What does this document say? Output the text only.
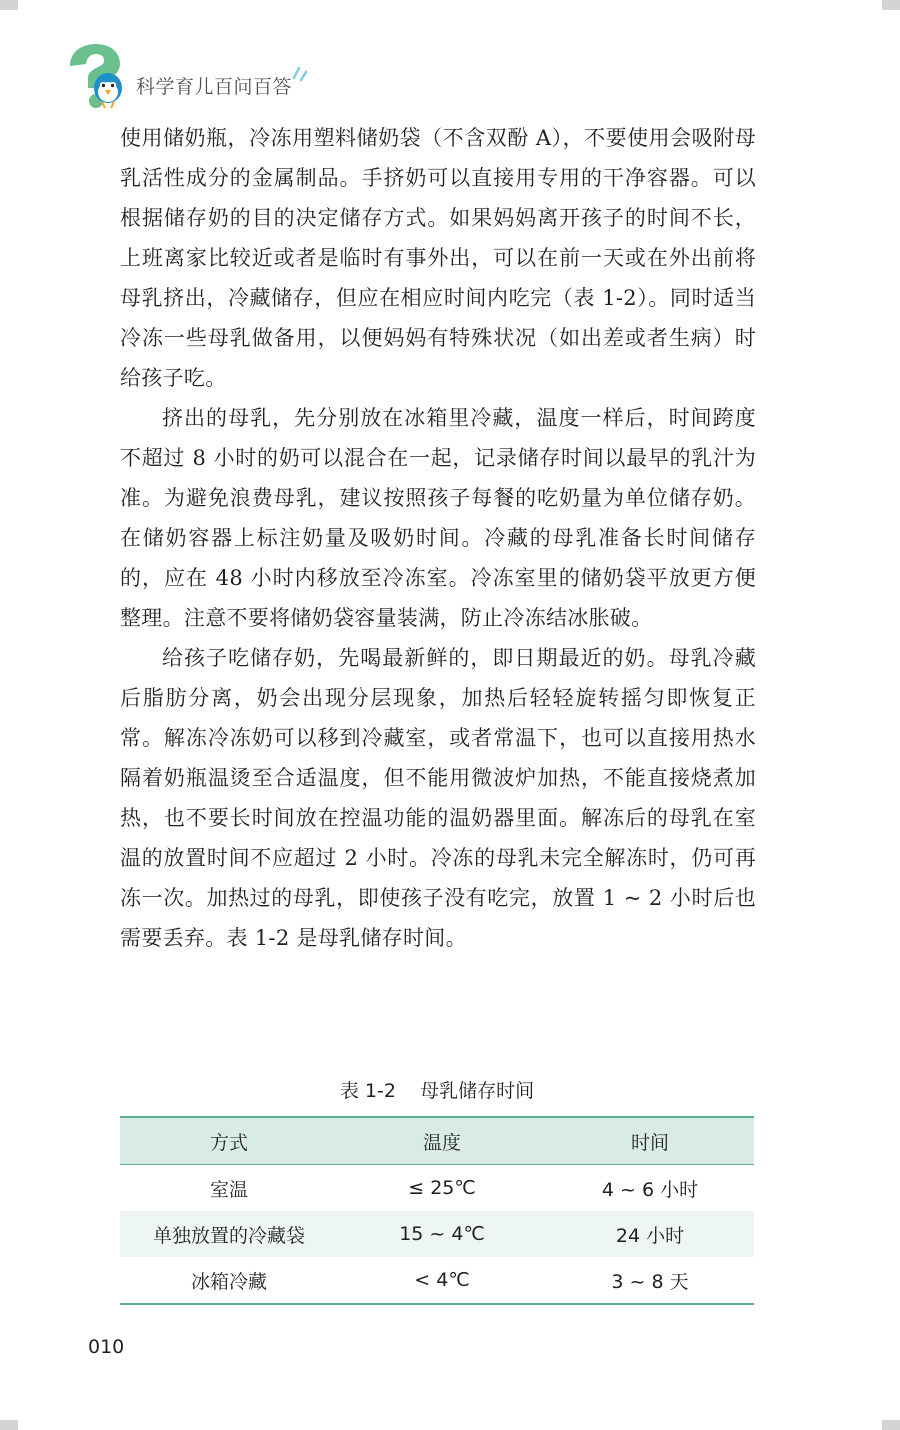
科学育儿百问百答

使用储奶瓶，冷冻用塑料储奶袋（不含双酚 A），不要使用会吸附母乳活性成分的金属制品。手挤奶可以直接用专用的干净容器。可以根据储存奶的目的决定储存方式。如果妈妈离开孩子的时间不长，上班离家比较近或者是临时有事外出，可以在前一天或在外出前将母乳挤出，冷藏储存，但应在相应时间内吃完（表 1-2）。同时适当冷冻一些母乳做备用，以便妈妈有特殊状况（如出差或者生病）时给孩子吃。

挤出的母乳，先分别放在冰箱里冷藏，温度一样后，时间跨度不超过 8 小时的奶可以混合在一起，记录储存时间以最早的乳汁为准。为避免浪费母乳，建议按照孩子每餐的吃奶量为单位储存奶。在储奶容器上标注奶量及吸奶时间。冷藏的母乳准备长时间储存的，应在 48 小时内移放至冷冻室。冷冻室里的储奶袋平放更方便整理。注意不要将储奶袋容量装满，防止冷冻结冰胀破。

给孩子吃储存奶，先喝最新鲜的，即日期最近的奶。母乳冷藏后脂肪分离，奶会出现分层现象，加热后轻轻旋转摇匀即恢复正常。解冻冷冻奶可以移到冷藏室，或者常温下，也可以直接用热水隔着奶瓶温烫至合适温度，但不能用微波炉加热，不能直接烧煮加热，也不要长时间放在控温功能的温奶器里面。解冻后的母乳在室温的放置时间不应超过 2 小时。冷冻的母乳未完全解冻时，仍可再冻一次。加热过的母乳，即使孩子没有吃完，放置 1 ~ 2 小时后也需要丢弃。表 1-2 是母乳储存时间。

表 1-2    母乳储存时间
方式	温度	时间
室温	≤ 25℃	4 ~ 6 小时
单独放置的冷藏袋	15 ~ 4℃	24 小时
冰箱冷藏	< 4℃	3 ~ 8 天
010
